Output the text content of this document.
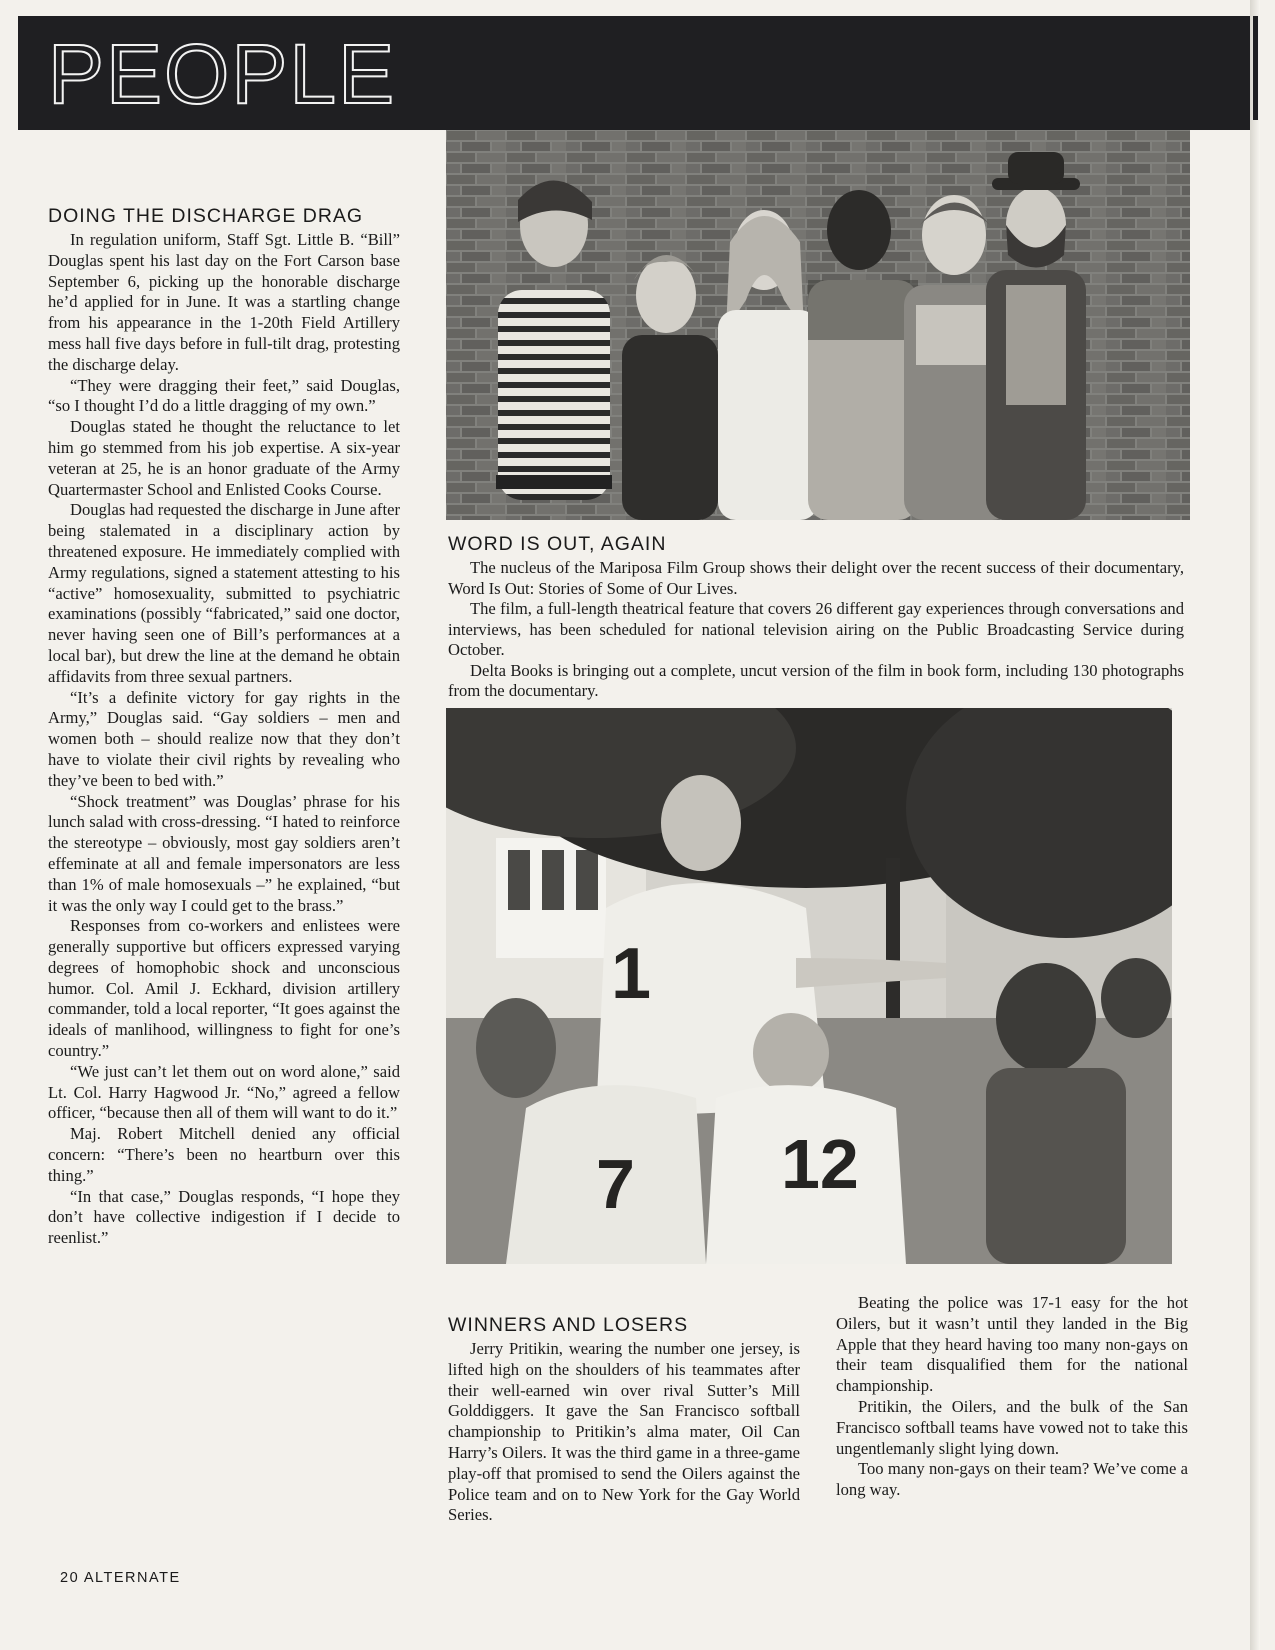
PEOPLE
DOING THE DISCHARGE DRAG

In regulation uniform, Staff Sgt. Little B. “Bill” Douglas spent his last day on the Fort Carson base September 6, picking up the honorable discharge he’d applied for in June. It was a startling change from his appearance in the 1-20th Field Artillery mess hall five days before in full-tilt drag, protesting the discharge delay.

“They were dragging their feet,” said Douglas, “so I thought I’d do a little dragging of my own.”

Douglas stated he thought the reluctance to let him go stemmed from his job expertise. A six-year veteran at 25, he is an honor graduate of the Army Quartermaster School and Enlisted Cooks Course.

Douglas had requested the discharge in June after being stalemated in a disciplinary action by threatened exposure. He immediately complied with Army regulations, signed a statement attesting to his “active” homosexuality, submitted to psychiatric examinations (possibly “fabricated,” said one doctor, never having seen one of Bill’s performances at a local bar), but drew the line at the demand he obtain affidavits from three sexual partners.

“It’s a definite victory for gay rights in the Army,” Douglas said. “Gay soldiers – men and women both – should realize now that they don’t have to violate their civil rights by revealing who they’ve been to bed with.”

“Shock treatment” was Douglas’ phrase for his lunch salad with cross-dressing. “I hated to reinforce the stereotype – obviously, most gay soldiers aren’t effeminate at all and female impersonators are less than 1% of male homosexuals –” he explained, “but it was the only way I could get to the brass.”

Responses from co-workers and enlistees were generally supportive but officers expressed varying degrees of homophobic shock and unconscious humor. Col. Amil J. Eckhard, division artillery commander, told a local reporter, “It goes against the ideals of manlihood, willingness to fight for one’s country.”

“We just can’t let them out on word alone,” said Lt. Col. Harry Hagwood Jr. “No,” agreed a fellow officer, “because then all of them will want to do it.”

Maj. Robert Mitchell denied any official concern: “There’s been no heartburn over this thing.”

“In that case,” Douglas responds, “I hope they don’t have collective indigestion if I decide to reenlist.”

WORD IS OUT, AGAIN

The nucleus of the Mariposa Film Group shows their delight over the recent success of their documentary, Word Is Out: Stories of Some of Our Lives.

The film, a full-length theatrical feature that covers 26 different gay experiences through conversations and interviews, has been scheduled for national television airing on the Public Broadcasting Service during October.

Delta Books is bringing out a complete, uncut version of the film in book form, including 130 photographs from the documentary.

1
7 12
WINNERS AND LOSERS

Jerry Pritikin, wearing the number one jersey, is lifted high on the shoulders of his teammates after their well-earned win over rival Sutter’s Mill Golddiggers. It gave the San Francisco softball championship to Pritikin’s alma mater, Oil Can Harry’s Oilers. It was the third game in a three-game play-off that promised to send the Oilers against the Police team and on to New York for the Gay World Series.

Beating the police was 17-1 easy for the hot Oilers, but it wasn’t until they landed in the Big Apple that they heard having too many non-gays on their team disqualified them for the national championship.

Pritikin, the Oilers, and the bulk of the San Francisco softball teams have vowed not to take this ungentlemanly slight lying down.

Too many non-gays on their team? We’ve come a long way.

20 ALTERNATE
